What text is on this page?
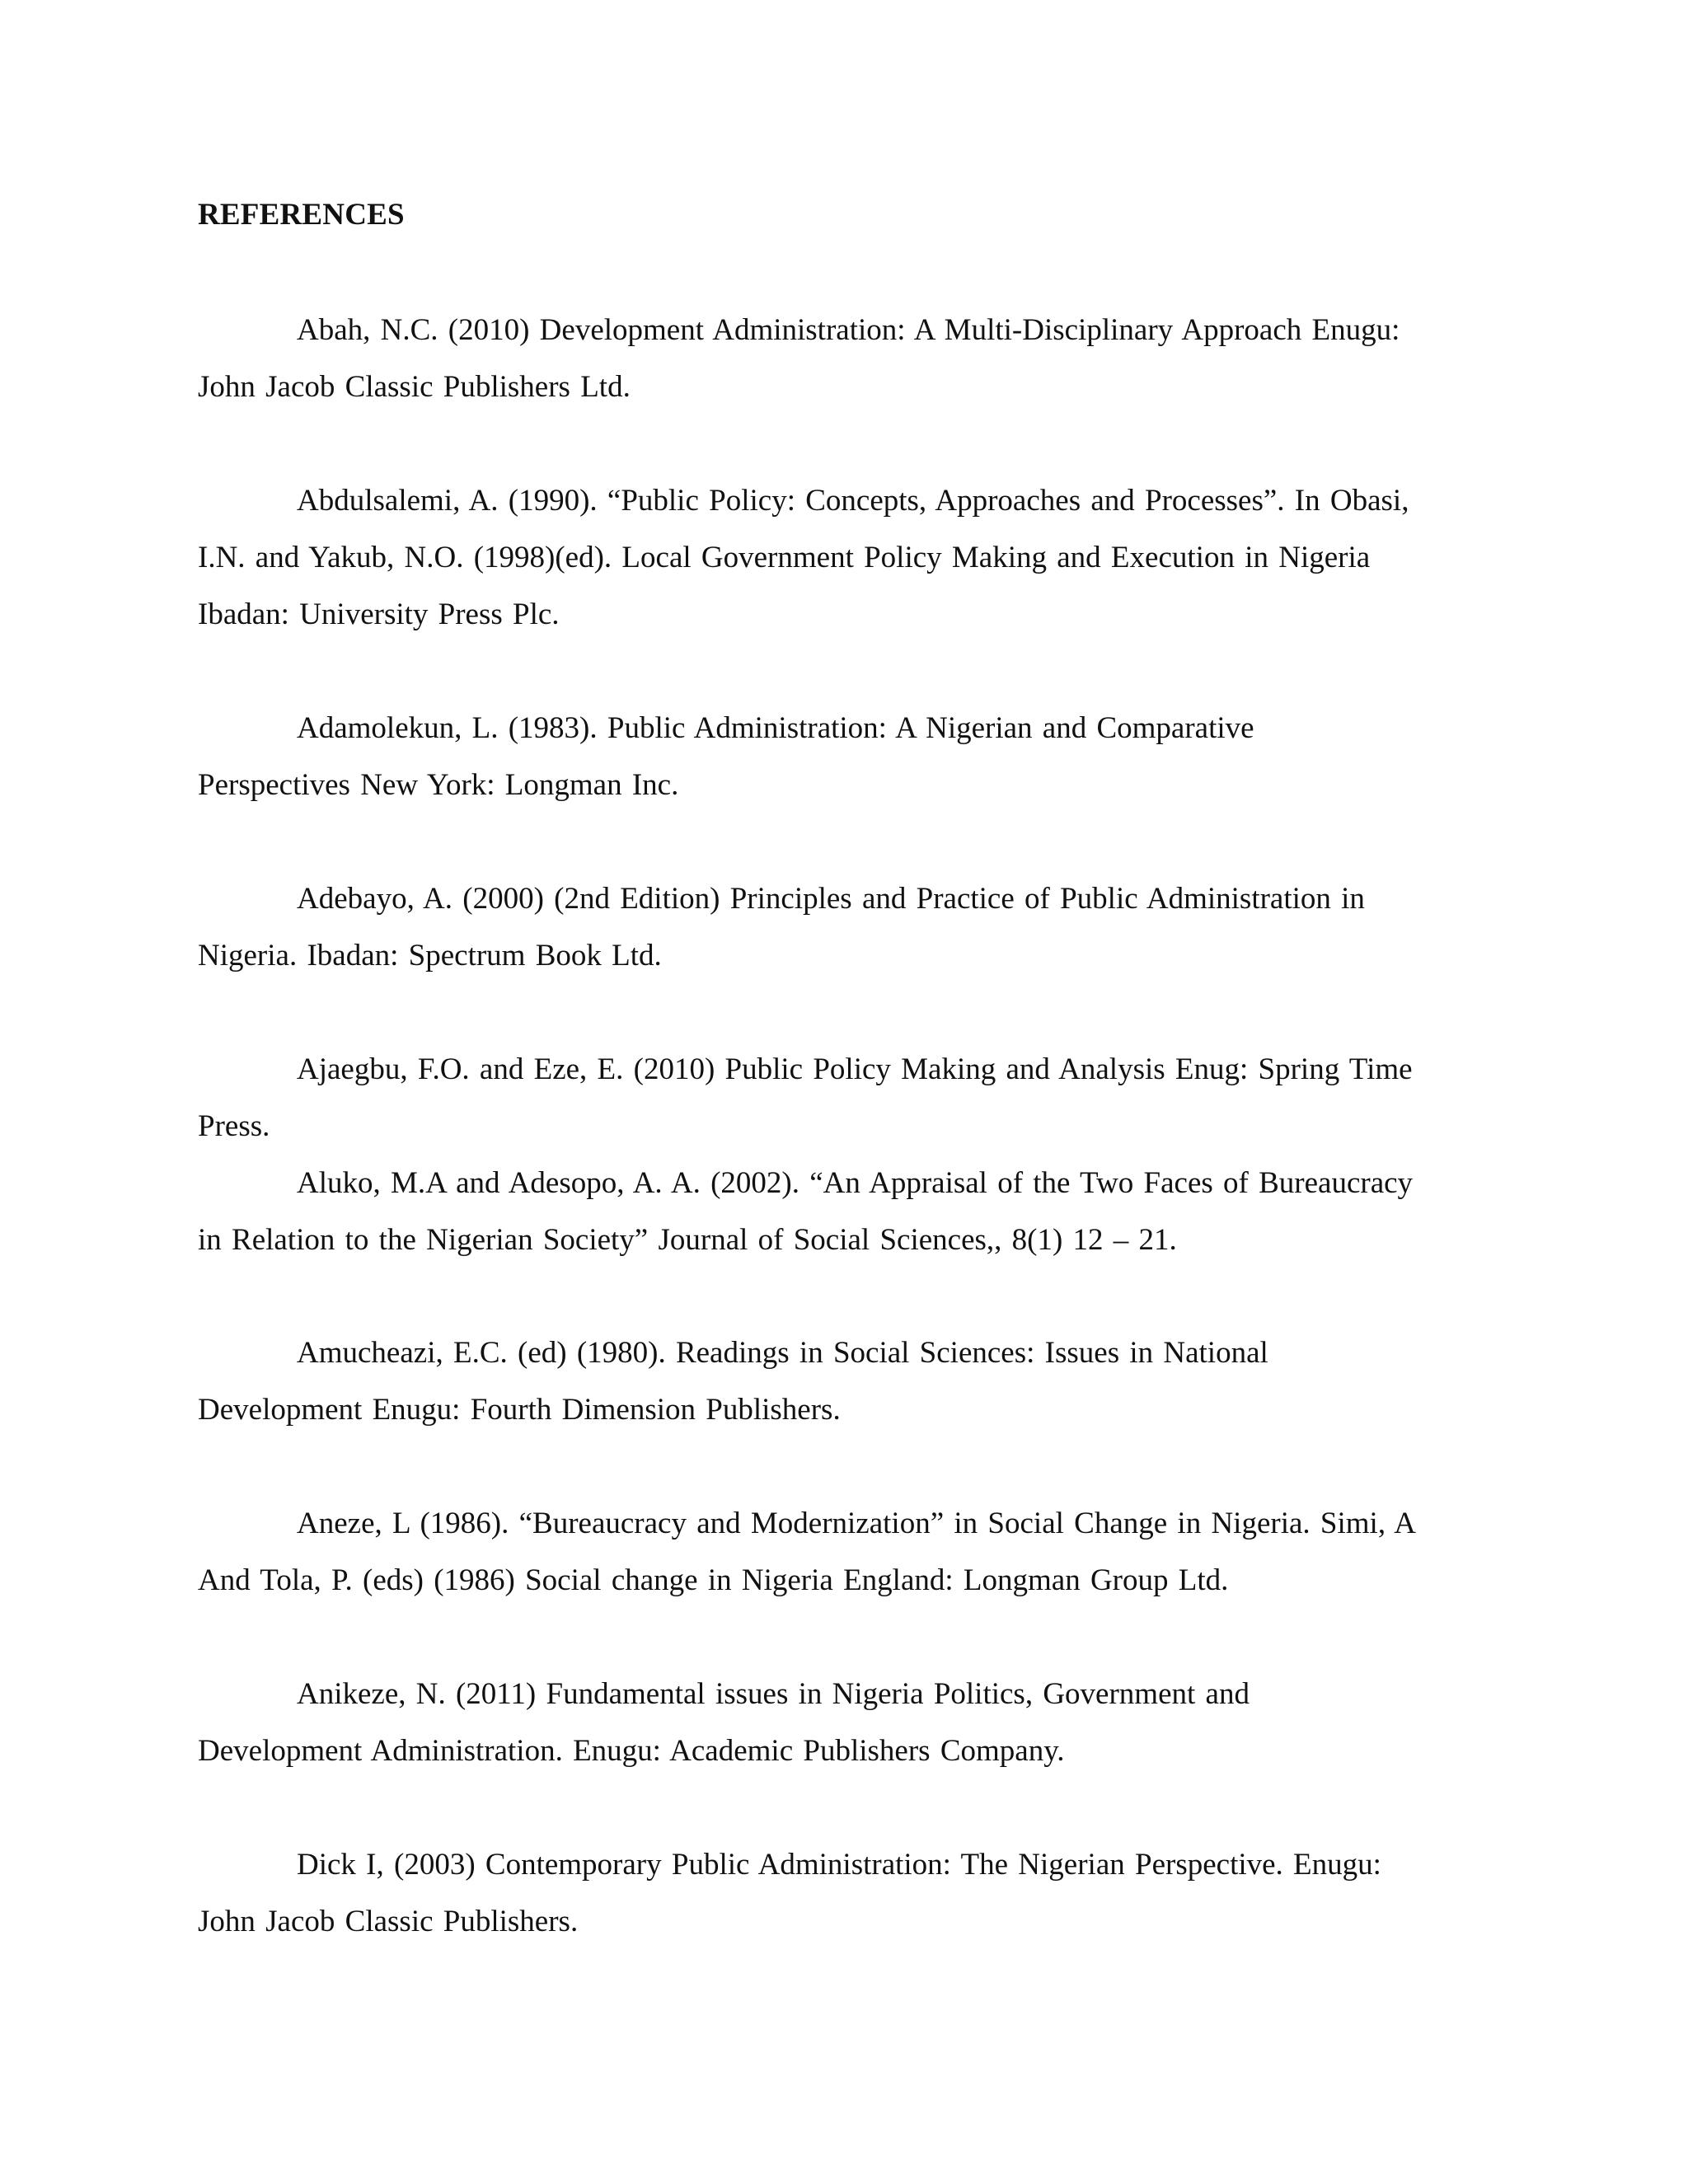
REFERENCES

Abah, N.C. (2010) Development Administration: A Multi-Disciplinary Approach Enugu:
John Jacob Classic Publishers Ltd.

Abdulsalemi, A. (1990). “Public Policy: Concepts, Approaches and Processes”. In Obasi,
I.N. and Yakub, N.O. (1998)(ed). Local Government Policy Making and Execution in Nigeria
Ibadan: University Press Plc.

Adamolekun, L. (1983). Public Administration: A Nigerian and Comparative
Perspectives New York: Longman Inc.

Adebayo, A. (2000) (2nd Edition) Principles and Practice of Public Administration in
Nigeria. Ibadan: Spectrum Book Ltd.

Ajaegbu, F.O. and Eze, E. (2010) Public Policy Making and Analysis Enug: Spring Time
Press.

Aluko, M.A and Adesopo, A. A. (2002). “An Appraisal of the Two Faces of Bureaucracy
in Relation to the Nigerian Society” Journal of Social Sciences,, 8(1) 12 – 21.

Amucheazi, E.C. (ed) (1980). Readings in Social Sciences: Issues in National
Development Enugu: Fourth Dimension Publishers.

Aneze, L (1986). “Bureaucracy and Modernization” in Social Change in Nigeria. Simi, A
And Tola, P. (eds) (1986) Social change in Nigeria England: Longman Group Ltd.

Anikeze, N. (2011) Fundamental issues in Nigeria Politics, Government and
Development Administration. Enugu: Academic Publishers Company.

Dick I, (2003) Contemporary Public Administration: The Nigerian Perspective. Enugu:
John Jacob Classic Publishers.
